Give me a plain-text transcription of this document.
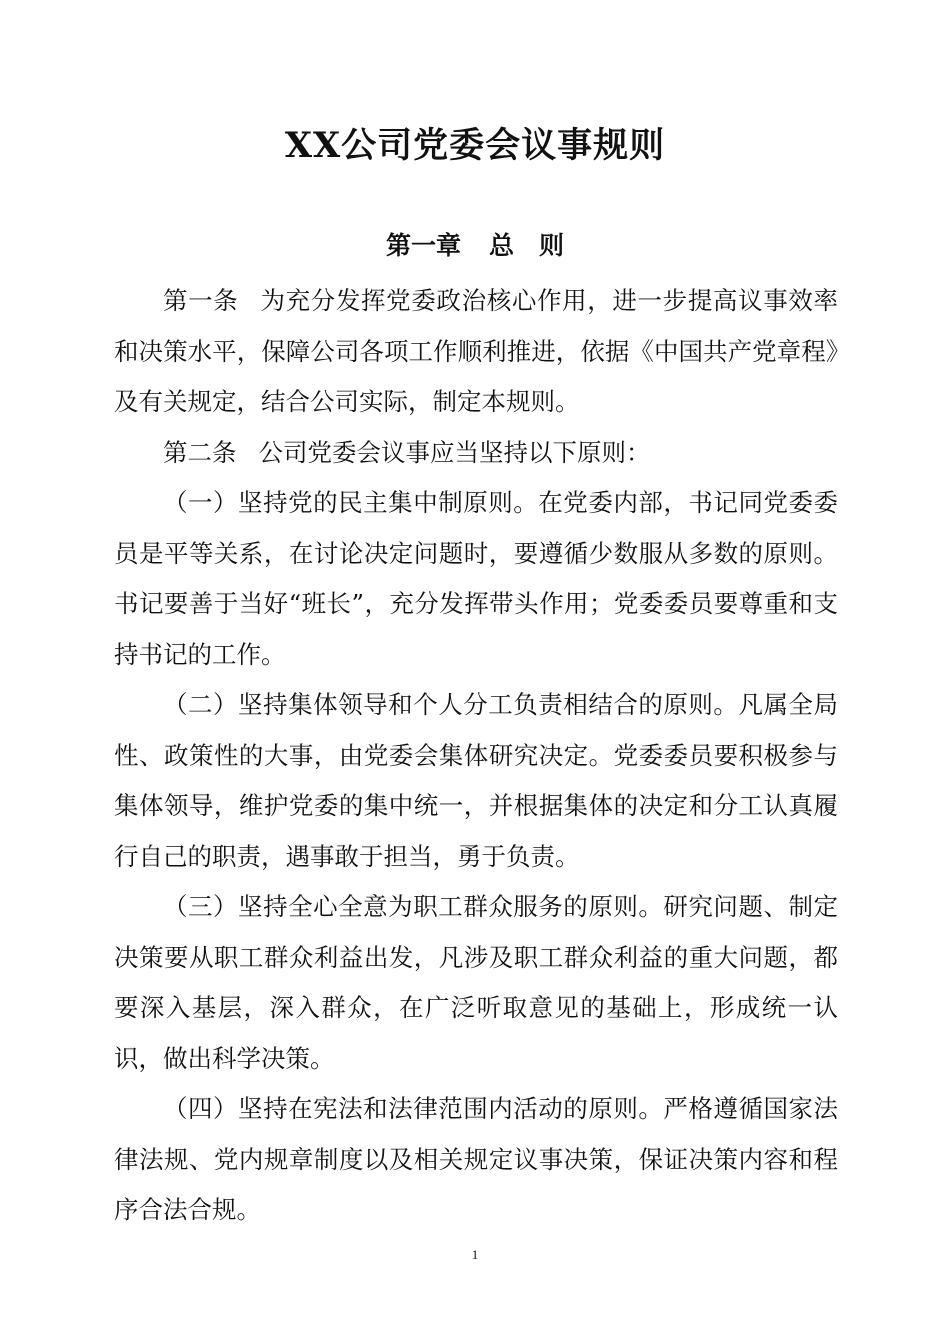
XX公司党委会议事规则
第一章 总　则

第一条 为充分发挥党委政治核心作用，进一步提高议事效率和决策水平，保障公司各项工作顺利推进，依据《中国共产党章程》及有关规定，结合公司实际，制定本规则。

第二条 公司党委会议事应当坚持以下原则：

（一）坚持党的民主集中制原则。在党委内部，书记同党委委员是平等关系，在讨论决定问题时，要遵循少数服从多数的原则。书记要善于当好“班长”，充分发挥带头作用；党委委员要尊重和支持书记的工作。

（二）坚持集体领导和个人分工负责相结合的原则。凡属全局性、政策性的大事，由党委会集体研究决定。党委委员要积极参与集体领导，维护党委的集中统一，并根据集体的决定和分工认真履行自己的职责，遇事敢于担当，勇于负责。

（三）坚持全心全意为职工群众服务的原则。研究问题、制定决策要从职工群众利益出发，凡涉及职工群众利益的重大问题，都要深入基层，深入群众，在广泛听取意见的基础上，形成统一认识，做出科学决策。

（四）坚持在宪法和法律范围内活动的原则。严格遵循国家法律法规、党内规章制度以及相关规定议事决策，保证决策内容和程序合法合规。

1
